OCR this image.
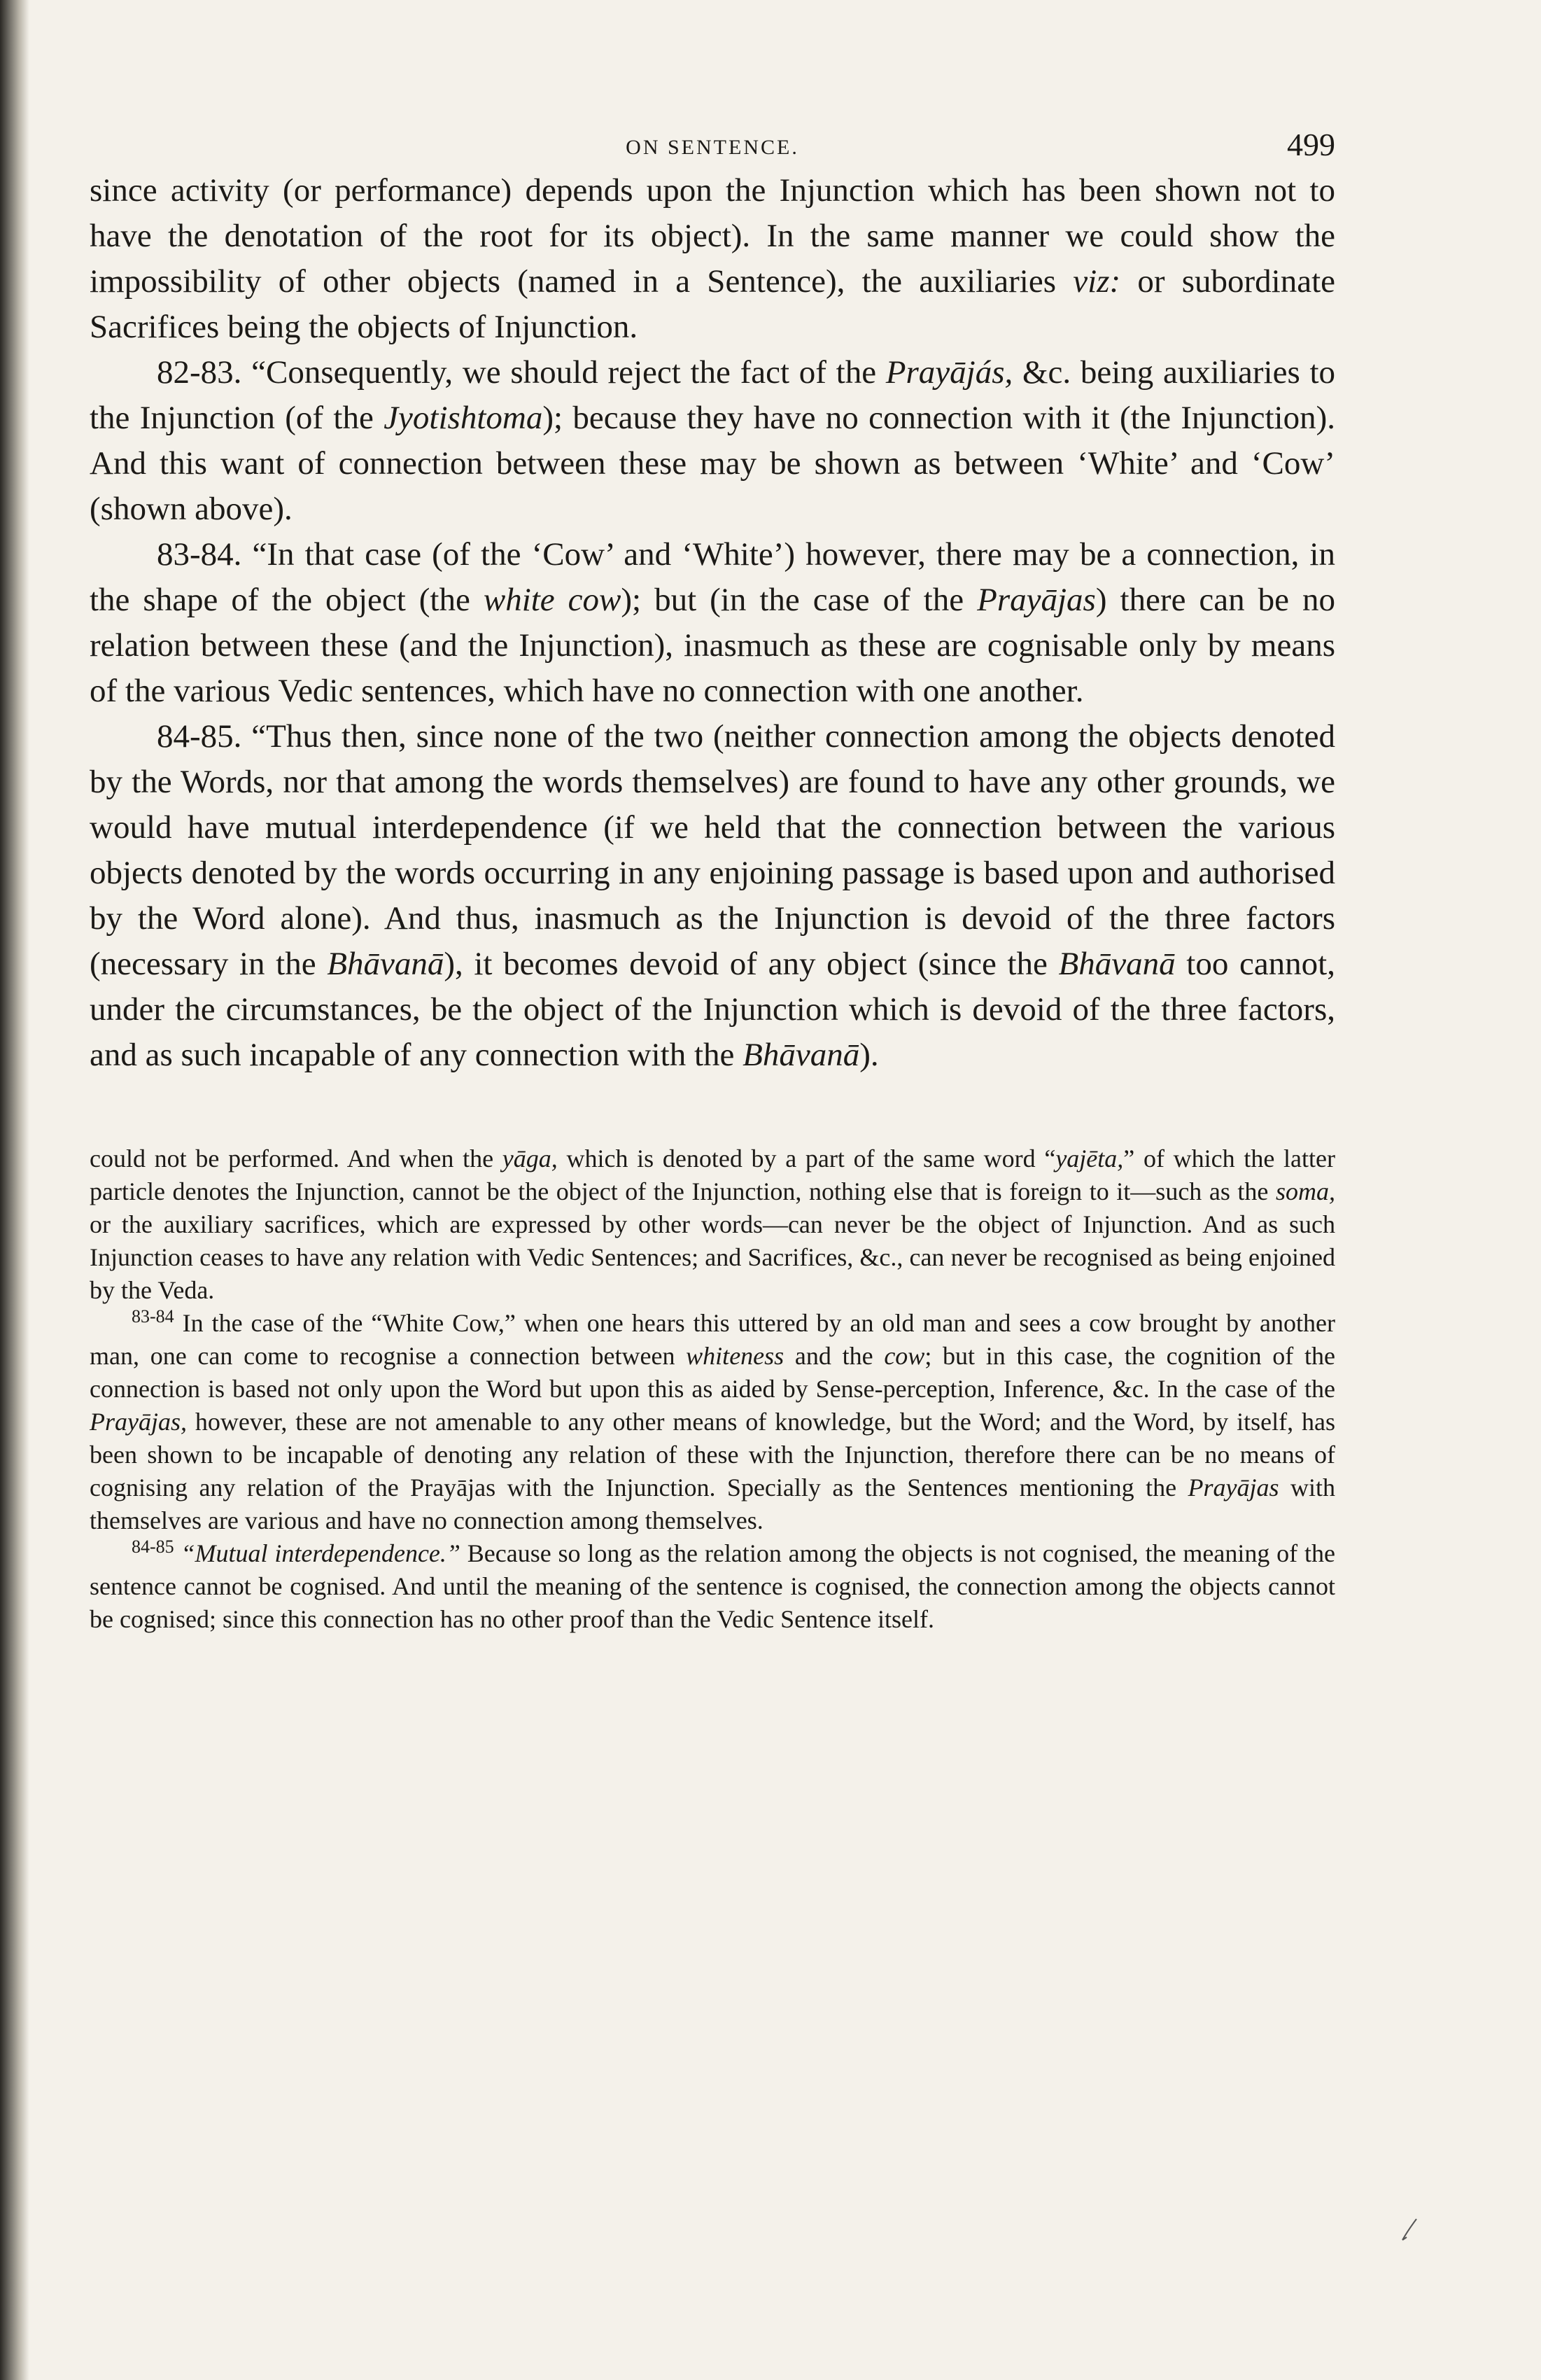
ON SENTENCE.	499

since activity (or performance) depends upon the Injunction which has been shown not to have the denotation of the root for its object). In the same manner we could show the impossibility of other objects (named in a Sentence), the auxiliaries viz: or subordinate Sacrifices being the objects of Injunction.

82-83. “Consequently, we should reject the fact of the Prayājás, &c. being auxiliaries to the Injunction (of the Jyotishtoma); because they have no connection with it (the Injunction). And this want of connection between these may be shown as between ‘White’ and ‘Cow’ (shown above).

83-84. “In that case (of the ‘Cow’ and ‘White’) however, there may be a connection, in the shape of the object (the white cow); but (in the case of the Prayājas) there can be no relation between these (and the Injunction), inasmuch as these are cognisable only by means of the various Vedic sentences, which have no connection with one another.

84-85. “Thus then, since none of the two (neither connection among the objects denoted by the Words, nor that among the words themselves) are found to have any other grounds, we would have mutual interdependence (if we held that the connection between the various objects denoted by the words occurring in any enjoining passage is based upon and authorised by the Word alone). And thus, inasmuch as the Injunction is devoid of the three factors (necessary in the Bhāvanā), it becomes devoid of any object (since the Bhāvanā too cannot, under the circumstances, be the object of the Injunction which is devoid of the three factors, and as such incapable of any connection with the Bhāvanā).

could not be performed. And when the yāga, which is denoted by a part of the same word “yajēta,” of which the latter particle denotes the Injunction, cannot be the object of the Injunction, nothing else that is foreign to it—such as the soma, or the auxiliary sacrifices, which are expressed by other words—can never be the object of Injunction. And as such Injunction ceases to have any relation with Vedic Sentences; and Sacrifices, &c., can never be recognised as being enjoined by the Veda.

$^{83-84}$ In the case of the “White Cow,” when one hears this uttered by an old man and sees a cow brought by another man, one can come to recognise a connection between whiteness and the cow; but in this case, the cognition of the connection is based not only upon the Word but upon this as aided by Sense-perception, Inference, &c. In the case of the Prayājas, however, these are not amenable to any other means of knowledge, but the Word; and the Word, by itself, has been shown to be incapable of denoting any relation of these with the Injunction, therefore there can be no means of cognising any relation of the Prayājas with the Injunction. Specially as the Sentences mentioning the Prayājas with themselves are various and have no connection among themselves.

$^{84-85}$ “Mutual interdependence.” Because so long as the relation among the objects is not cognised, the meaning of the sentence cannot be cognised. And until the meaning of the sentence is cognised, the connection among the objects cannot be cognised; since this connection has no other proof than the Vedic Sentence itself.
